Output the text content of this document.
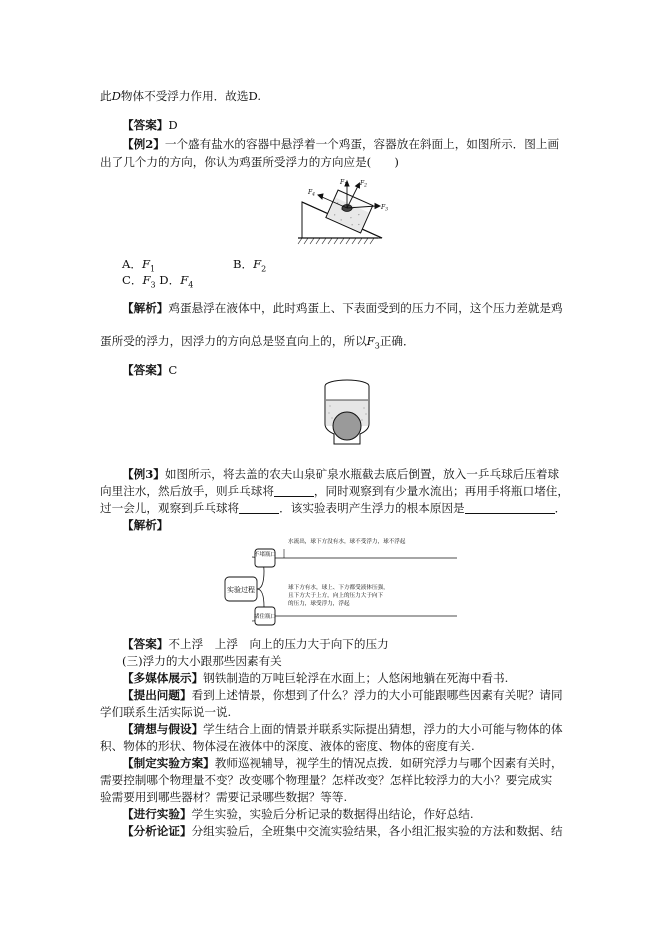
此D物体不受浮力作用．故选D.
【答案】D
【例2】一个盛有盐水的容器中悬浮着一个鸡蛋，容器放在斜面上，如图所示．图上画
出了几个力的方向，你认为鸡蛋所受浮力的方向应是(　　)
$F_1$ $F_2$
$F_3$
$F_4$
A．$F_1$	B．$F_2$
C．$F_3$ D．$F_4$
【解析】鸡蛋悬浮在液体中，此时鸡蛋上、下表面受到的压力不同，这个压力差就是鸡
蛋所受的浮力，因浮力的方向总是竖直向上的，所以$F_3$正确．
【答案】C
【例3】如图所示，将去盖的农夫山泉矿泉水瓶截去底后倒置，放入一乒乓球后压着球
向里注水，然后放手，则乒乓球将	，同时观察到有少量水流出；再用手将瓶口堵住，
过一会儿，观察到乒乓球将	．该实验表明产生浮力的根本原因是	．
【解析】
实验过程
不堵瓶口
堵住瓶口
水流出，球下方没有水，球不受浮力，球不浮起
球下方有水，球上、下方都受液体压强，
且下方大于上方，向上的压力大于向下
的压力，球受浮力，浮起
【答案】不上浮　上浮　向上的压力大于向下的压力
(三)浮力的大小跟那些因素有关
【多媒体展示】钢铁制造的万吨巨轮浮在水面上；人悠闲地躺在死海中看书.
【提出问题】看到上述情景，你想到了什么？浮力的大小可能跟哪些因素有关呢？请同
学们联系生活实际说一说.
【猜想与假设】学生结合上面的情景并联系实际提出猜想，浮力的大小可能与物体的体
积、物体的形状、物体浸在液体中的深度、液体的密度、物体的密度有关.
【制定实验方案】教师巡视辅导，视学生的情况点拨．如研究浮力与哪个因素有关时，
需要控制哪个物理量不变？改变哪个物理量？怎样改变？怎样比较浮力的大小？要完成实
验需要用到哪些器材？需要记录哪些数据？等等.
【进行实验】学生实验，实验后分析记录的数据得出结论，作好总结.
【分析论证】分组实验后，全班集中交流实验结果，各小组汇报实验的方法和数据、结
